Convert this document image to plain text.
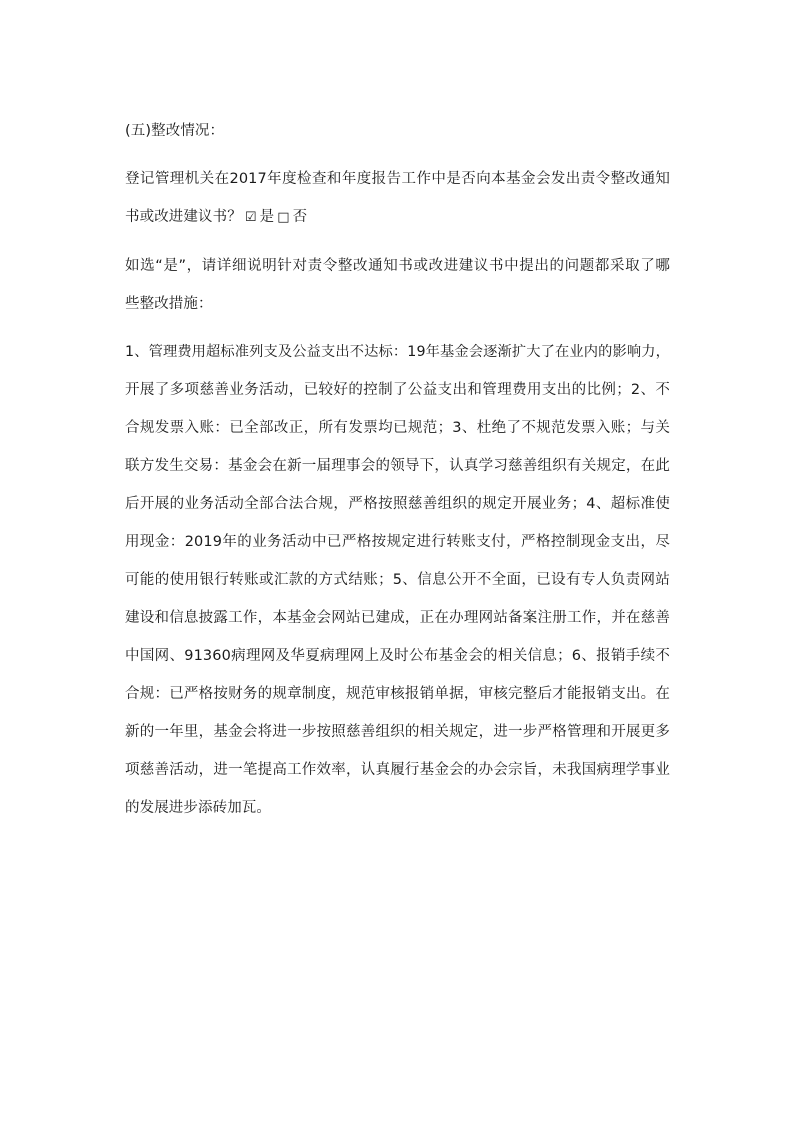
(五)整改情况：
登记管理机关在2017年度检查和年度报告工作中是否向本基金会发出责令整改通知
书或改进建议书？ ☑ 是 □ 否
如选“是”，请详细说明针对责令整改通知书或改进建议书中提出的问题都采取了哪
些整改措施：
1、管理费用超标准列支及公益支出不达标：19年基金会逐渐扩大了在业内的影响力，
开展了多项慈善业务活动，已较好的控制了公益支出和管理费用支出的比例；2、不
合规发票入账：已全部改正，所有发票均已规范；3、杜绝了不规范发票入账；与关
联方发生交易：基金会在新一届理事会的领导下，认真学习慈善组织有关规定，在此
后开展的业务活动全部合法合规，严格按照慈善组织的规定开展业务；4、超标准使
用现金：2019年的业务活动中已严格按规定进行转账支付，严格控制现金支出，尽
可能的使用银行转账或汇款的方式结账；5、信息公开不全面，已设有专人负责网站
建设和信息披露工作，本基金会网站已建成，正在办理网站备案注册工作，并在慈善
中国网、91360病理网及华夏病理网上及时公布基金会的相关信息；6、报销手续不
合规：已严格按财务的规章制度，规范审核报销单据，审核完整后才能报销支出。在
新的一年里，基金会将进一步按照慈善组织的相关规定，进一步严格管理和开展更多
项慈善活动，进一笔提高工作效率，认真履行基金会的办会宗旨，未我国病理学事业
的发展进步添砖加瓦。
